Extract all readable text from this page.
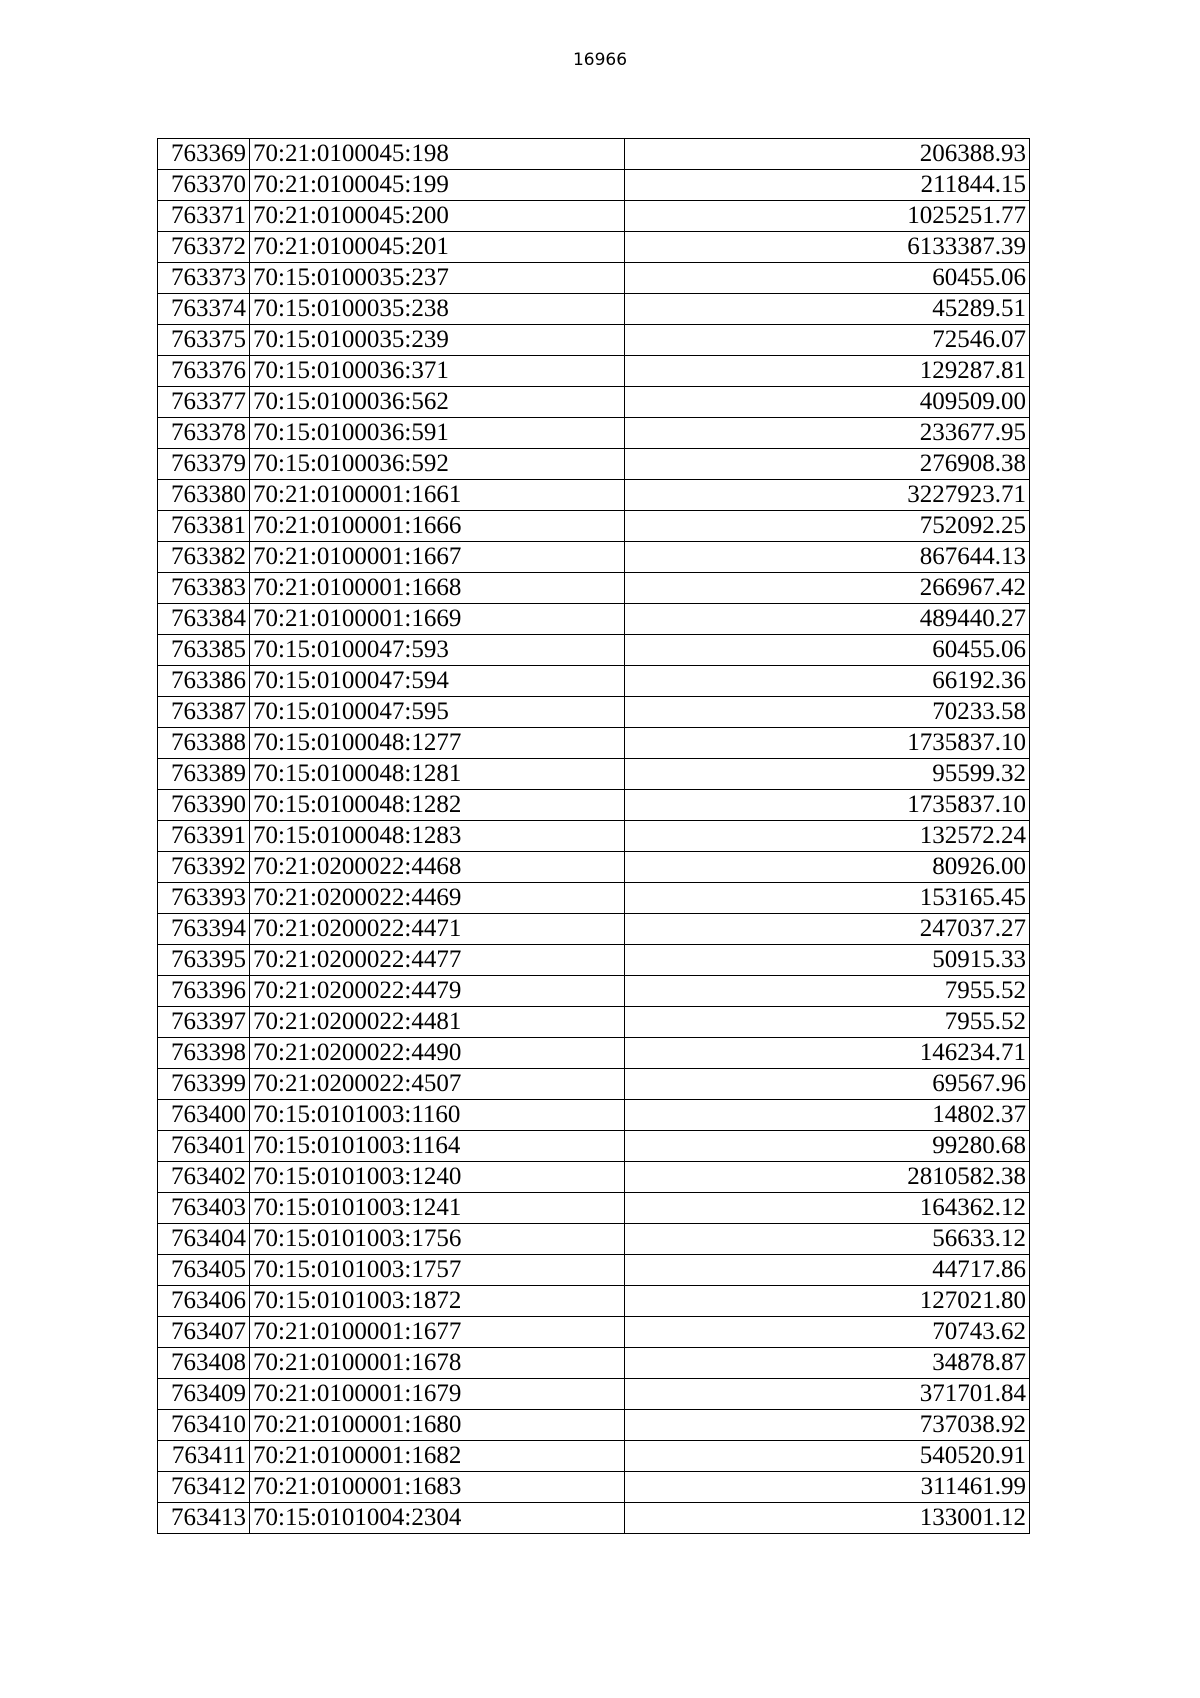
16966
763369	70:21:0100045:198	206388.93
763370	70:21:0100045:199	211844.15
763371	70:21:0100045:200	1025251.77
763372	70:21:0100045:201	6133387.39
763373	70:15:0100035:237	60455.06
763374	70:15:0100035:238	45289.51
763375	70:15:0100035:239	72546.07
763376	70:15:0100036:371	129287.81
763377	70:15:0100036:562	409509.00
763378	70:15:0100036:591	233677.95
763379	70:15:0100036:592	276908.38
763380	70:21:0100001:1661	3227923.71
763381	70:21:0100001:1666	752092.25
763382	70:21:0100001:1667	867644.13
763383	70:21:0100001:1668	266967.42
763384	70:21:0100001:1669	489440.27
763385	70:15:0100047:593	60455.06
763386	70:15:0100047:594	66192.36
763387	70:15:0100047:595	70233.58
763388	70:15:0100048:1277	1735837.10
763389	70:15:0100048:1281	95599.32
763390	70:15:0100048:1282	1735837.10
763391	70:15:0100048:1283	132572.24
763392	70:21:0200022:4468	80926.00
763393	70:21:0200022:4469	153165.45
763394	70:21:0200022:4471	247037.27
763395	70:21:0200022:4477	50915.33
763396	70:21:0200022:4479	7955.52
763397	70:21:0200022:4481	7955.52
763398	70:21:0200022:4490	146234.71
763399	70:21:0200022:4507	69567.96
763400	70:15:0101003:1160	14802.37
763401	70:15:0101003:1164	99280.68
763402	70:15:0101003:1240	2810582.38
763403	70:15:0101003:1241	164362.12
763404	70:15:0101003:1756	56633.12
763405	70:15:0101003:1757	44717.86
763406	70:15:0101003:1872	127021.80
763407	70:21:0100001:1677	70743.62
763408	70:21:0100001:1678	34878.87
763409	70:21:0100001:1679	371701.84
763410	70:21:0100001:1680	737038.92
763411	70:21:0100001:1682	540520.91
763412	70:21:0100001:1683	311461.99
763413	70:15:0101004:2304	133001.12
